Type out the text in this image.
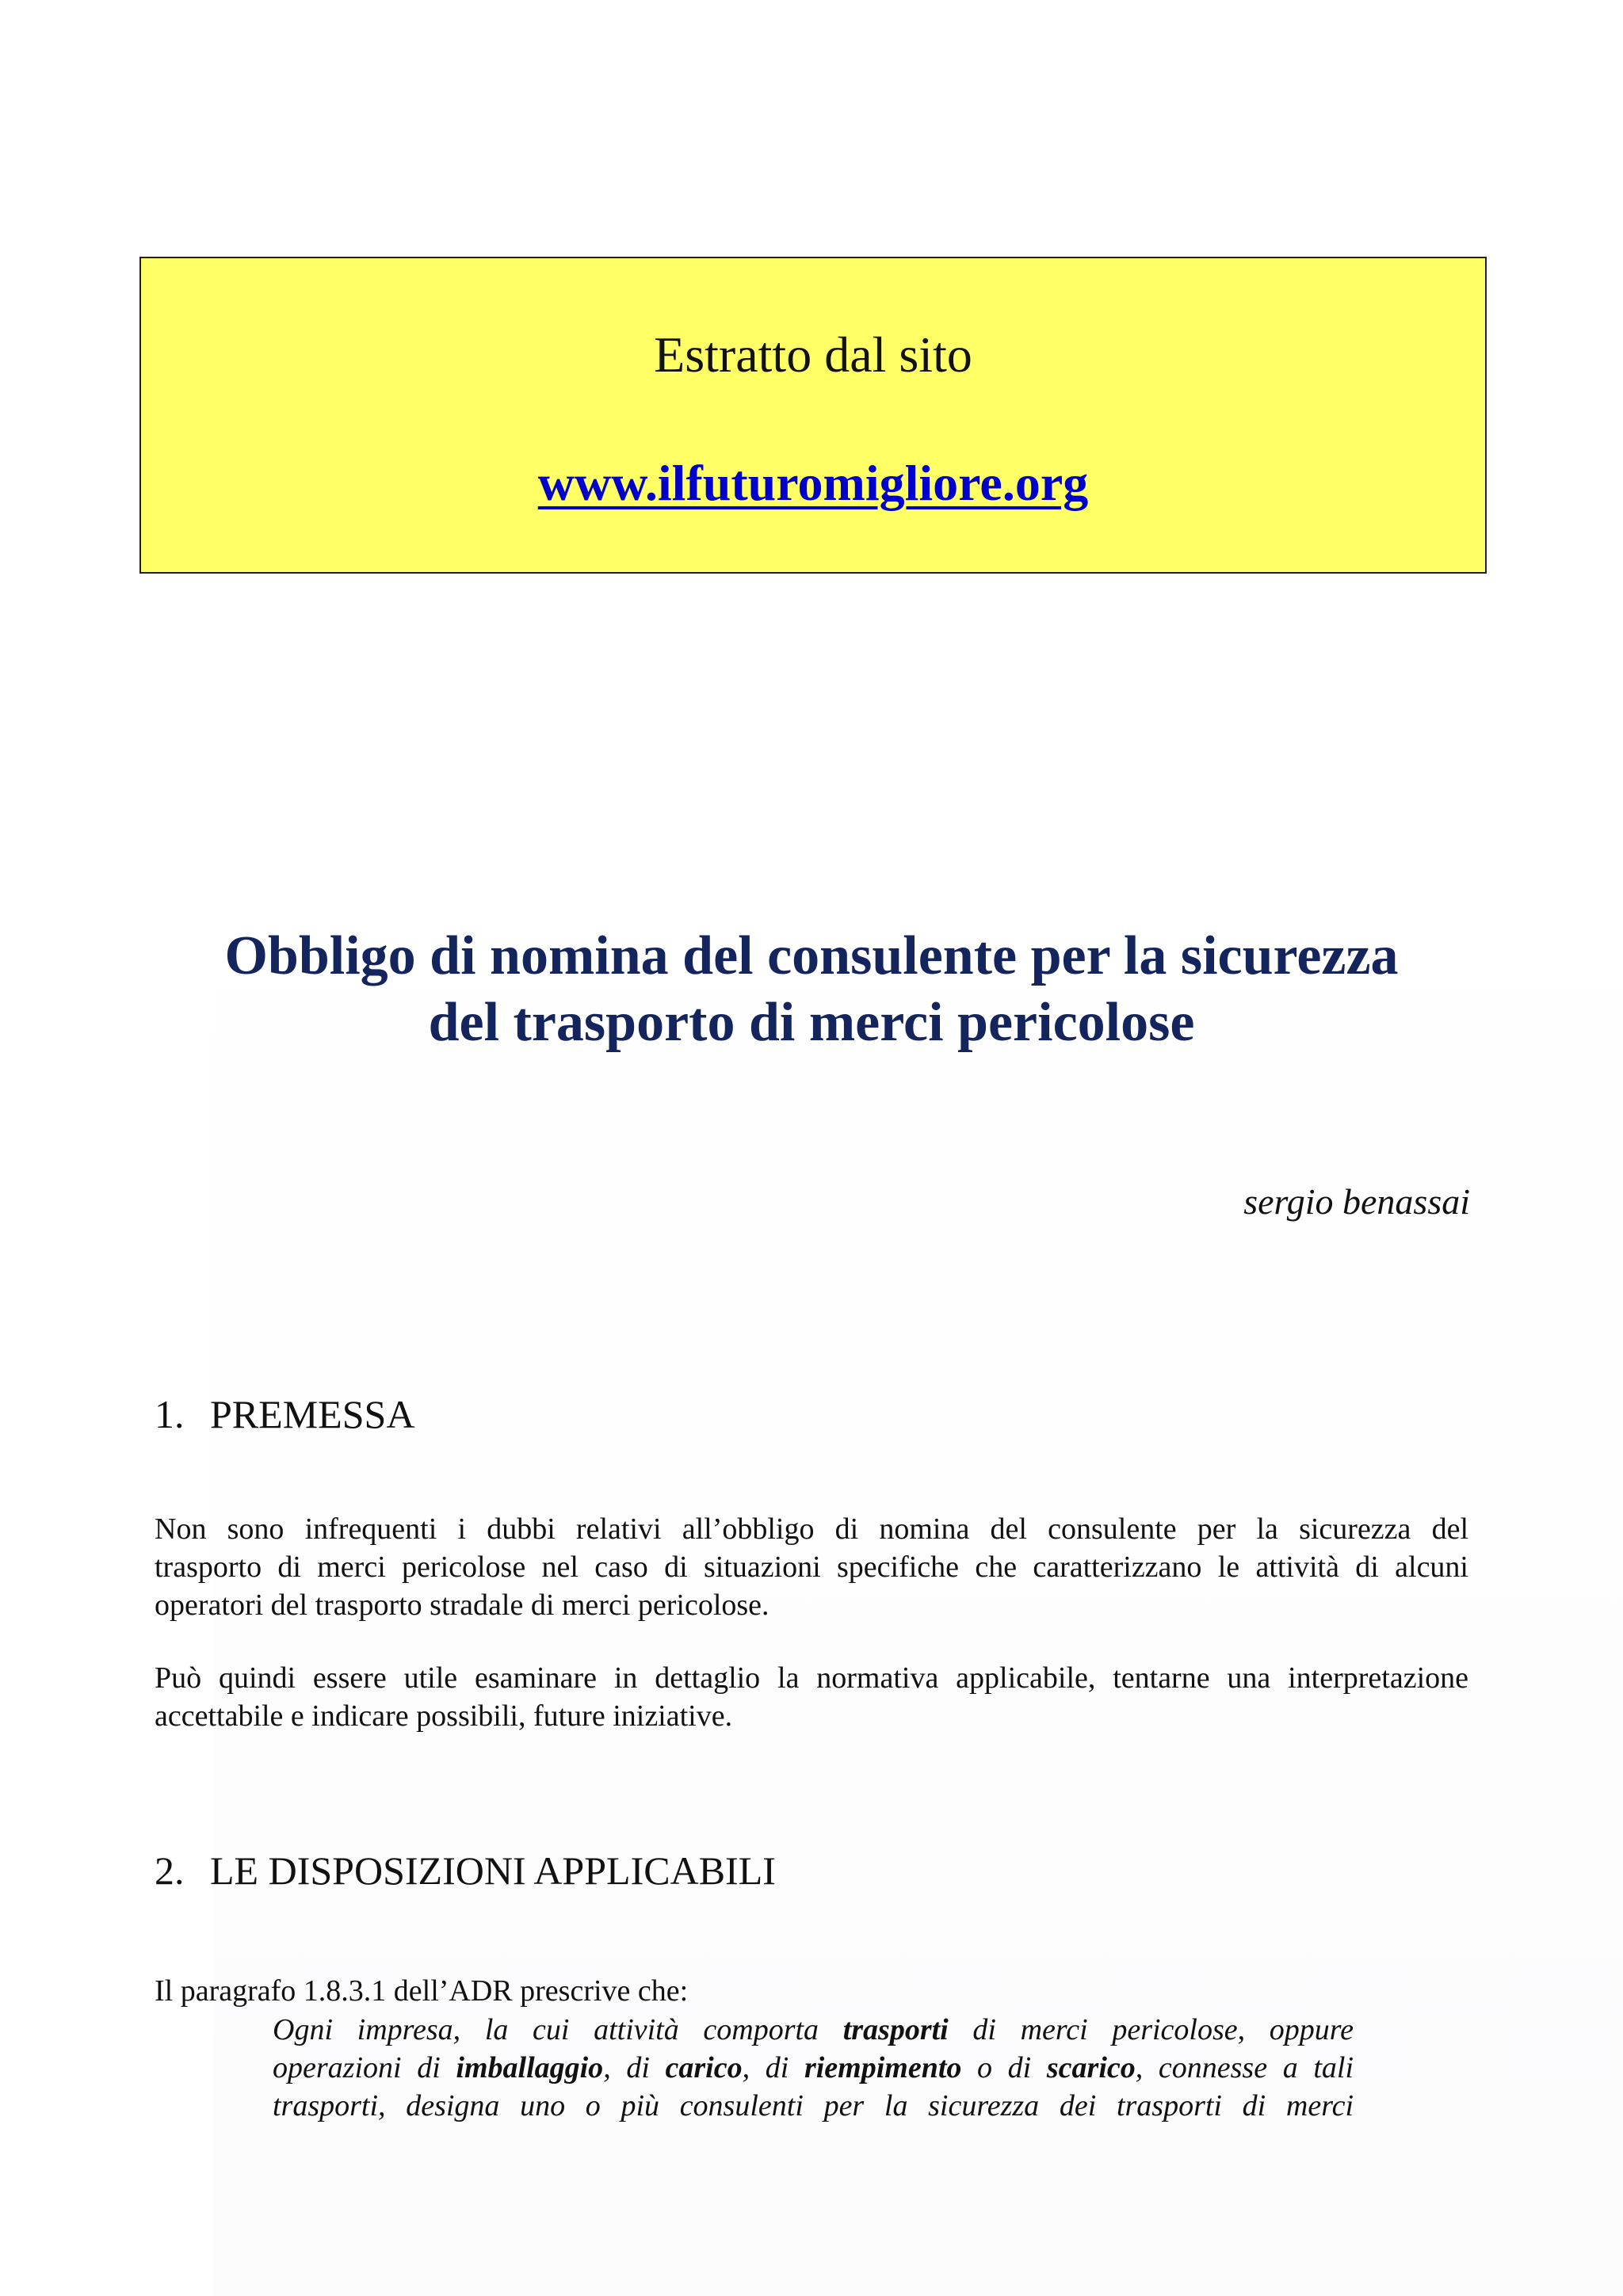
Estratto dal sito
www.ilfuturomigliore.org
Obbligo di nomina del consulente per la sicurezza
del trasporto di merci pericolose
sergio benassai
1. PREMESSA

Non sono infrequenti i dubbi relativi all’obbligo di nomina del consulente per la sicurezza del
trasporto di merci pericolose nel caso di situazioni specifiche che caratterizzano le attività di alcuni
operatori del trasporto stradale di merci pericolose.

Può quindi essere utile esaminare in dettaglio la normativa applicabile, tentarne una interpretazione
accettabile e indicare possibili, future iniziative.

2. LE DISPOSIZIONI APPLICABILI

Il paragrafo 1.8.3.1 dell’ADR prescrive che:

Ogni impresa, la cui attività comporta trasporti di merci pericolose, oppure
operazioni di imballaggio, di carico, di riempimento o di scarico, connesse a tali
trasporti, designa uno o più consulenti per la sicurezza dei trasporti di merci
